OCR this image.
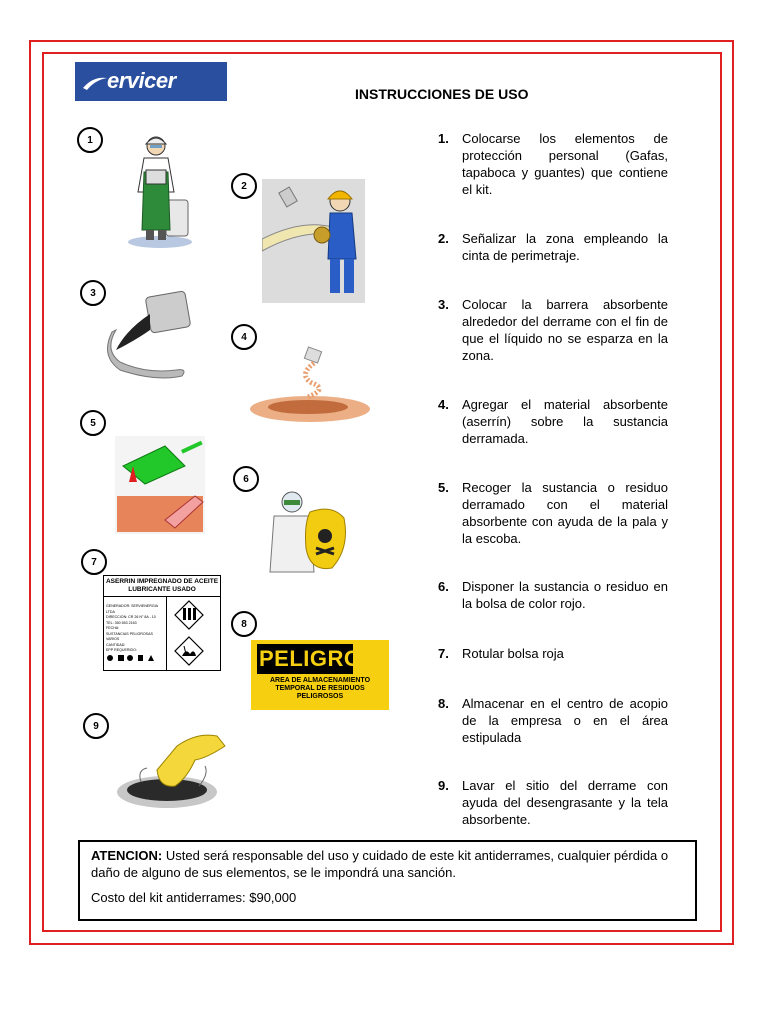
ervicer
INSTRUCCIONES DE USO
1
2
3
4
5
6
7
8
9
ASERRIN IMPREGNADO DE ACEITE LUBRICANTE USADO
GENERADOR: SERVIENERGIA LTDA
DIRECCION: CR 26 N° 8A - 10
TEL: 350 553 2163
FECHA:
SUSTANCIAS PELIGROSAS VARIOS
CANTIDAD:
EPP REQUERIDO:	PELIGRO
AREA DE ALMACENAMIENTO TEMPORAL DE RESIDUOS PELIGROSOS
1. Colocarse los elementos de protección personal (Gafas, tapaboca y guantes) que contiene el kit.
2. Señalizar la zona empleando la cinta de perimetraje.
3. Colocar la barrera absorbente alrededor del derrame con el fin de que el líquido no se esparza en la zona.
4. Agregar el material absorbente (aserrín) sobre la sustancia derramada.
5. Recoger la sustancia o residuo derramado con el material absorbente con ayuda de la pala y la escoba.
6. Disponer la sustancia o residuo en la bolsa de color rojo.
7. Rotular bolsa roja
8. Almacenar en el centro de acopio de la empresa o en el área estipulada
9. Lavar el sitio del derrame con ayuda del desengrasante y la tela absorbente.
ATENCION: Usted será responsable del uso y cuidado de este kit antiderrames, cualquier pérdida o daño de alguno de sus elementos, se le impondrá una sanción.
Costo del kit antiderrames: $90,000
